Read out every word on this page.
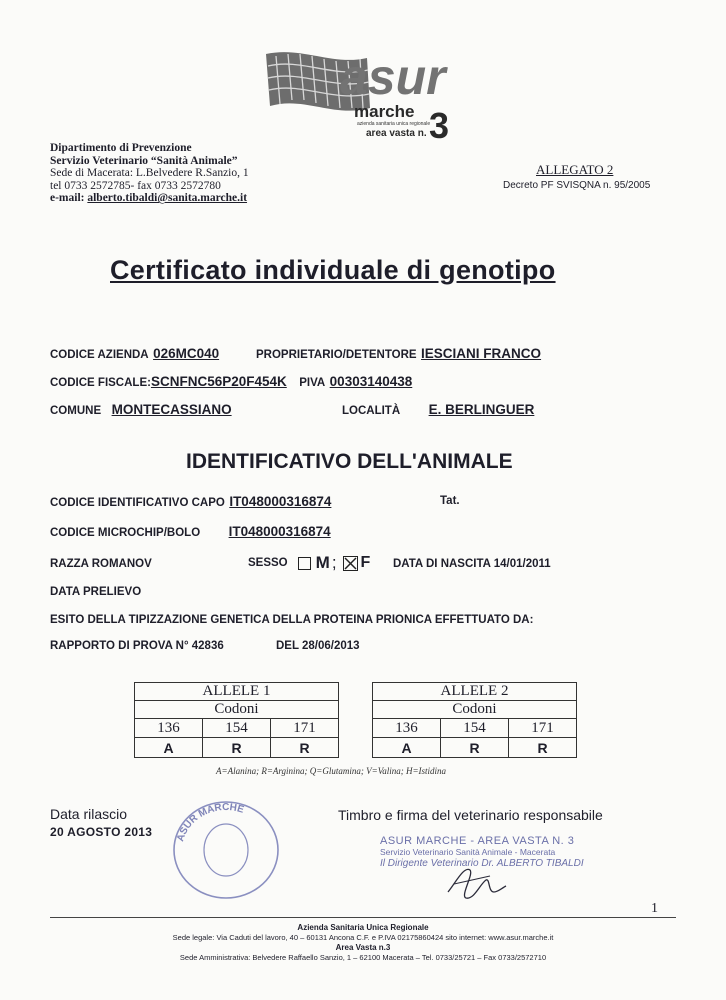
asur
marche 3
azienda sanitaria unica regionale
area vasta n.
Dipartimento di Prevenzione
Servizio Veterinario “Sanità Animale”
Sede di Macerata: L.Belvedere R.Sanzio, 1
tel 0733 2572785- fax 0733 2572780
e-mail: alberto.tibaldi@sanita.marche.it
ALLEGATO 2
Decreto PF SVISQNA n. 95/2005
Certificato individuale di genotipo
CODICE AZIENDA 026MC040	PROPRIETARIO/DETENTORE IESCIANI FRANCO
CODICE FISCALE:SCNFNC56P20F454K PIVA 00303140438
COMUNE MONTECASSIANO	LOCALITÀ E. BERLINGUER
IDENTIFICATIVO DELL'ANIMALE
CODICE IDENTIFICATIVO CAPO IT048000316874	Tat.
CODICE MICROCHIP/BOLO IT048000316874
RAZZA ROMANOV	SESSO M ; F DATA DI NASCITA 14/01/2011
DATA PRELIEVO
ESITO DELLA TIPIZZAZIONE GENETICA DELLA PROTEINA PRIONICA EFFETTUATO DA:
RAPPORTO DI PROVA N° 42836	DEL 28/06/2013
ALLELE 1		
Codoni		
136	154	171
A	R	R
ALLELE 2		
Codoni		
136	154	171
A	R	R
A=Alanina; R=Arginina; Q=Glutamina; V=Valina; H=Istidina
Data rilascio
20 AGOSTO 2013
Timbro e firma del veterinario responsabile
ASUR MARCHE
ASUR MARCHE - AREA VASTA N. 3
Servizio Veterinario Sanità Animale - Macerata
Il Dirigente Veterinario Dr. ALBERTO TIBALDI
1
Azienda Sanitaria Unica Regionale
Sede legale: Via Caduti del lavoro, 40 – 60131 Ancona C.F. e P.IVA 02175860424 sito internet: www.asur.marche.it
Area Vasta n.3
Sede Amministrativa: Belvedere Raffaello Sanzio, 1 – 62100 Macerata – Tel. 0733/25721 – Fax 0733/2572710
